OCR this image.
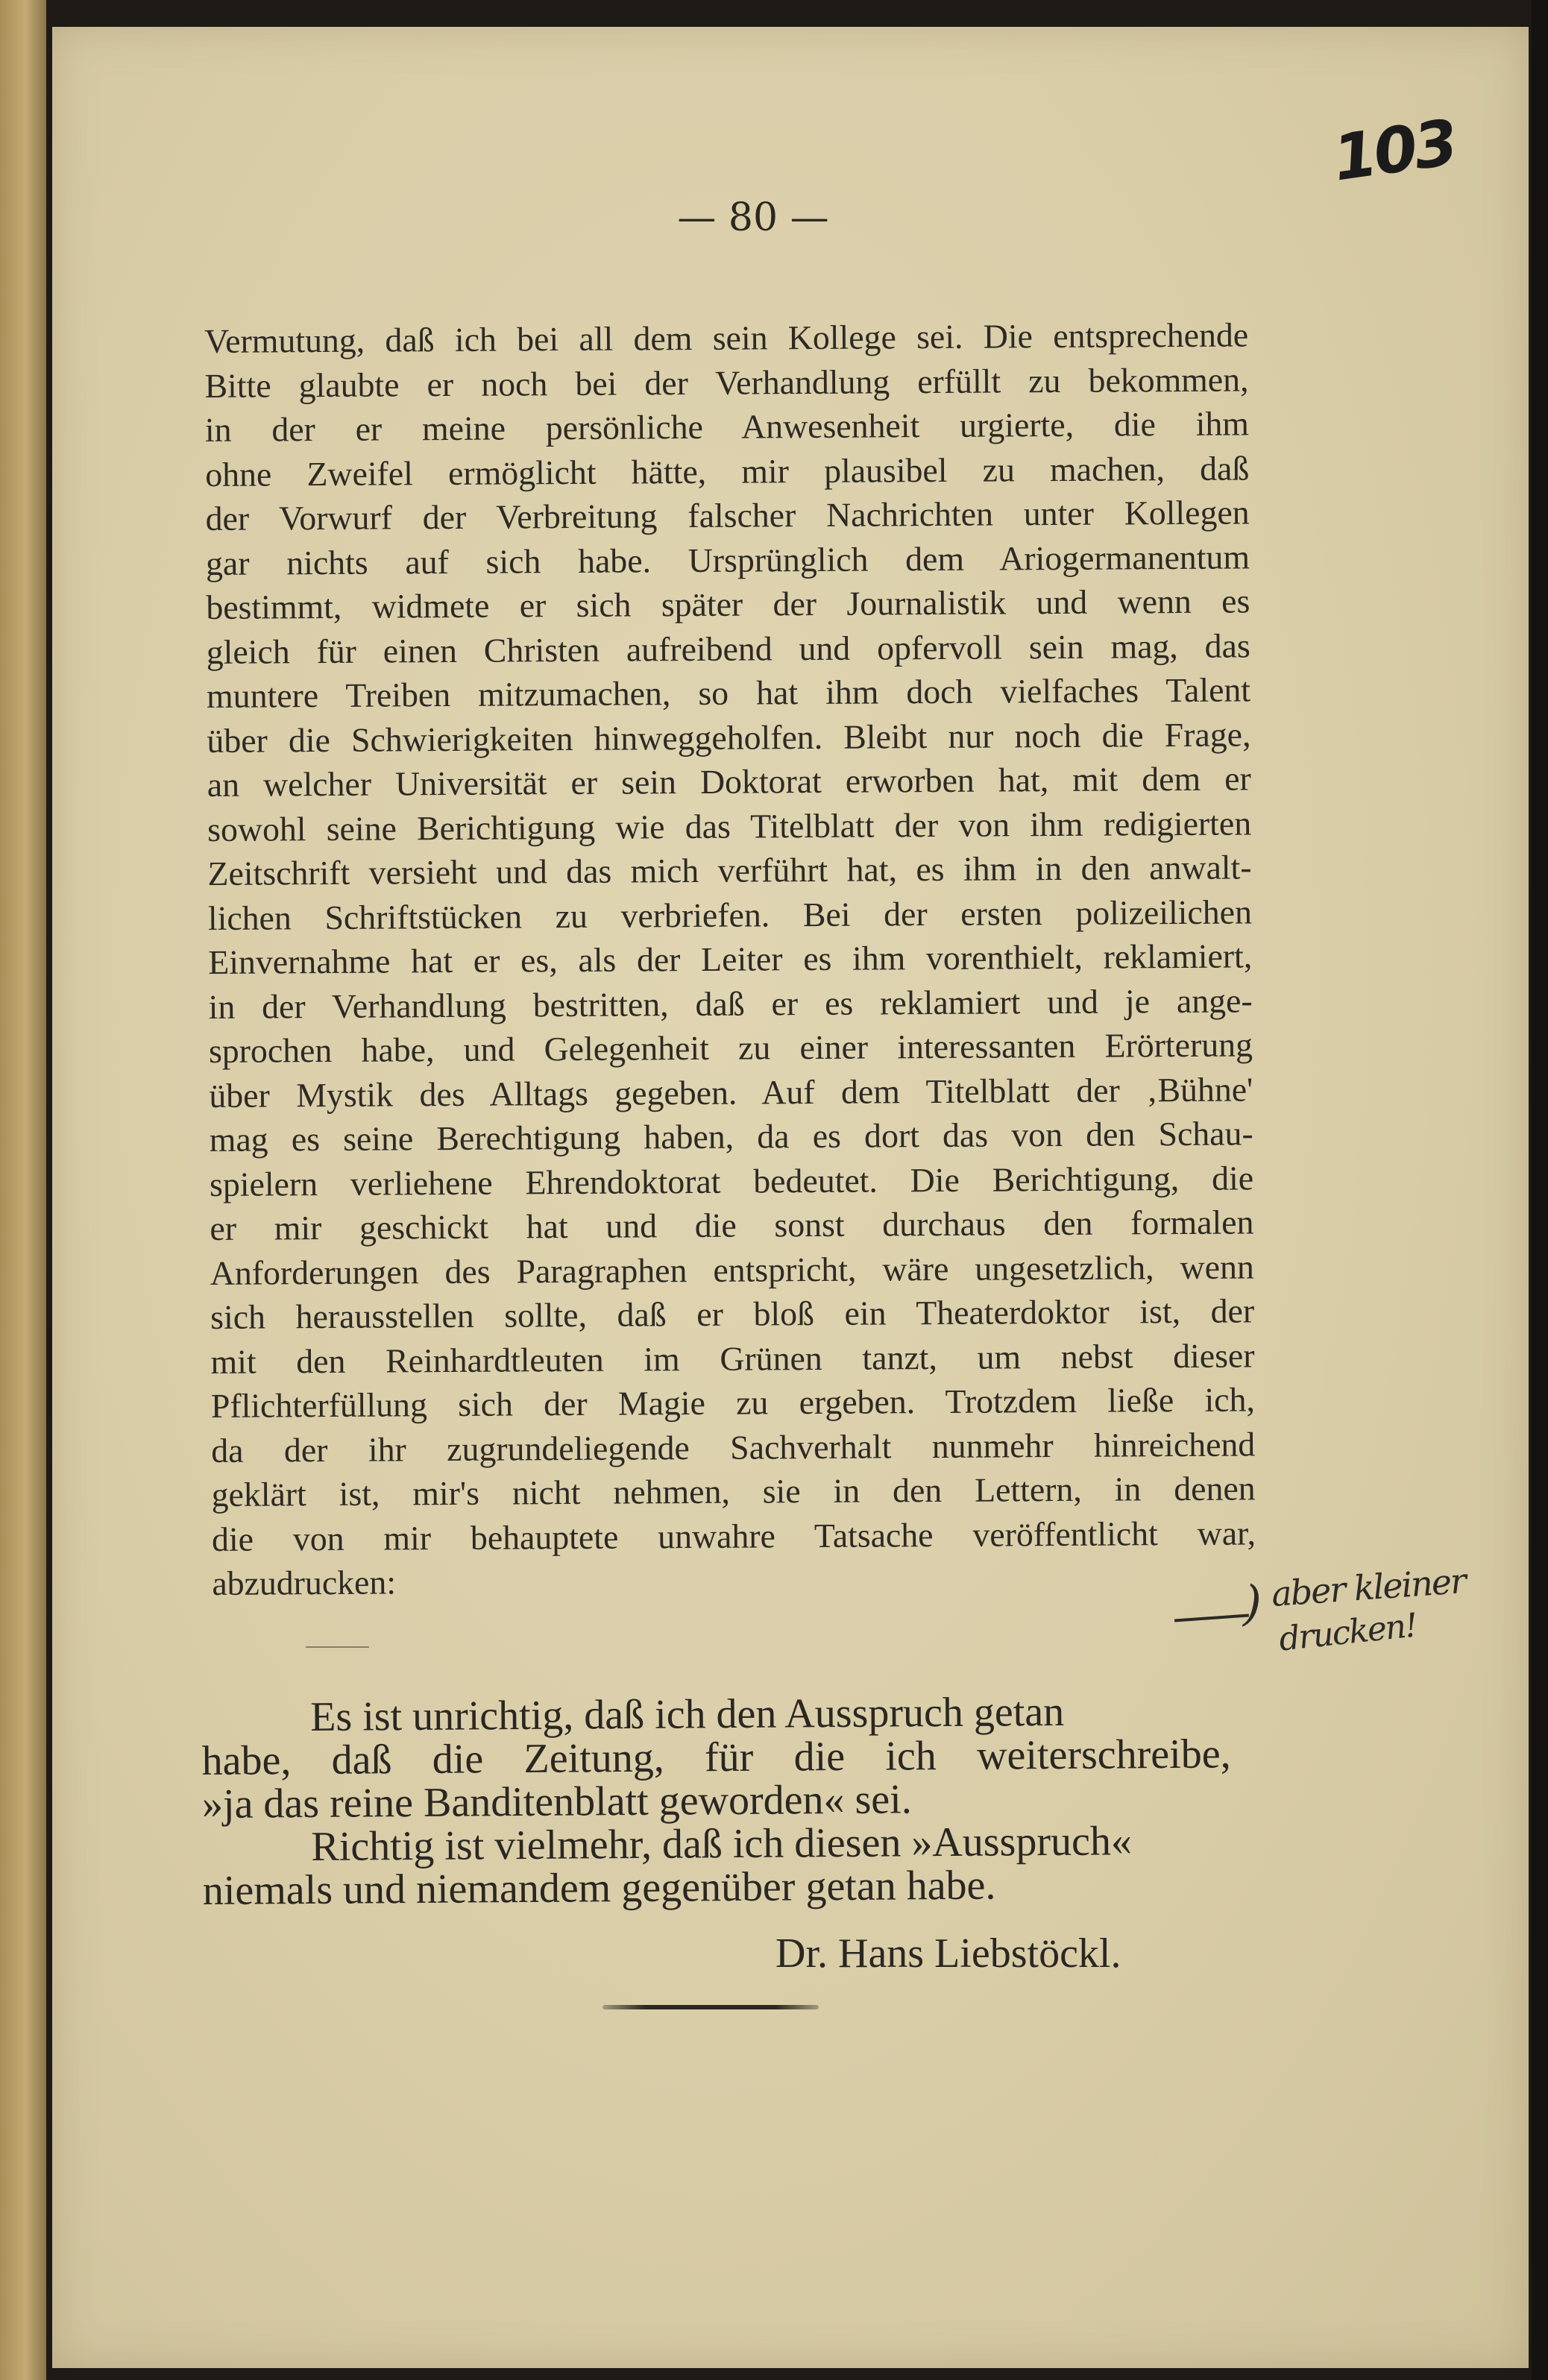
103
— 80 —
Vermutung, daß ich bei all dem sein Kollege sei. Die entsprechende
Bitte glaubte er noch bei der Verhandlung erfüllt zu bekommen,
in der er meine persönliche Anwesenheit urgierte, die ihm
ohne Zweifel ermöglicht hätte, mir plausibel zu machen, daß
der Vorwurf der Verbreitung falscher Nachrichten unter Kollegen
gar nichts auf sich habe. Ursprünglich dem Ariogermanentum
bestimmt, widmete er sich später der Journalistik und wenn es
gleich für einen Christen aufreibend und opfervoll sein mag, das
muntere Treiben mitzumachen, so hat ihm doch vielfaches Talent
über die Schwierigkeiten hinweggeholfen. Bleibt nur noch die Frage,
an welcher Universität er sein Doktorat erworben hat, mit dem er
sowohl seine Berichtigung wie das Titelblatt der von ihm redigierten
Zeitschrift versieht und das mich verführt hat, es ihm in den anwalt-
lichen Schriftstücken zu verbriefen. Bei der ersten polizeilichen
Einvernahme hat er es, als der Leiter es ihm vorenthielt, reklamiert,
in der Verhandlung bestritten, daß er es reklamiert und je ange-
sprochen habe, und Gelegenheit zu einer interessanten Erörterung
über Mystik des Alltags gegeben. Auf dem Titelblatt der ‚Bühne'
mag es seine Berechtigung haben, da es dort das von den Schau-
spielern verliehene Ehrendoktorat bedeutet. Die Berichtigung, die
er mir geschickt hat und die sonst durchaus den formalen
Anforderungen des Paragraphen entspricht, wäre ungesetzlich, wenn
sich herausstellen sollte, daß er bloß ein Theaterdoktor ist, der
mit den Reinhardtleuten im Grünen tanzt, um nebst dieser
Pflichterfüllung sich der Magie zu ergeben. Trotzdem ließe ich,
da der ihr zugrundeliegende Sachverhalt nunmehr hinreichend
geklärt ist, mir's nicht nehmen, sie in den Lettern, in denen
die von mir behauptete unwahre Tatsache veröffentlicht war,
abzudrucken:	) aber kleiner
drucken!
Es ist unrichtig, daß ich den Ausspruch getan
habe, daß die Zeitung, für die ich weiterschreibe,
»ja das reine Banditenblatt geworden« sei.
Richtig ist vielmehr, daß ich diesen »Ausspruch«
niemals und niemandem gegenüber getan habe.
Dr. Hans Liebstöckl.
